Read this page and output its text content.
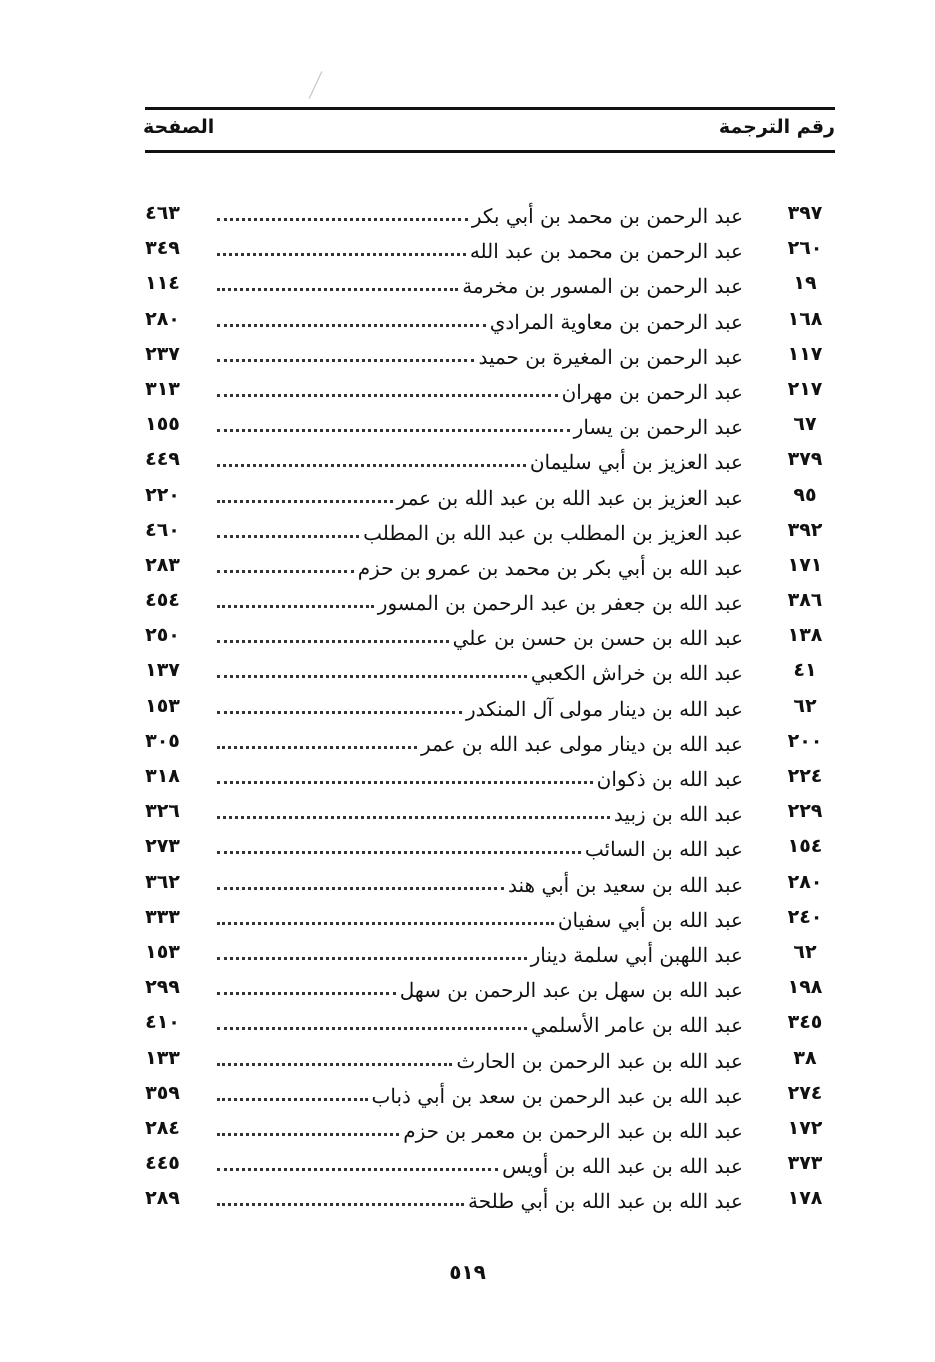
رقم الترجمة
الصفحة
٣٩٧
عبد الرحمن بن محمد بن أبي بكر
٤٦٣
٢٦٠
عبد الرحمن بن محمد بن عبد الله
٣٤٩
١٩
عبد الرحمن بن المسور بن مخرمة
١١٤
١٦٨
عبد الرحمن بن معاوية المرادي
٢٨٠
١١٧
عبد الرحمن بن المغيرة بن حميد
٢٣٧
٢١٧
عبد الرحمن بن مهران
٣١٣
٦٧
عبد الرحمن بن يسار
١٥٥
٣٧٩
عبد العزيز بن أبي سليمان
٤٤٩
٩٥
عبد العزيز بن عبد الله بن عبد الله بن عمر
٢٢٠
٣٩٢
عبد العزيز بن المطلب بن عبد الله بن المطلب
٤٦٠
١٧١
عبد الله بن أبي بكر بن محمد بن عمرو بن حزم
٢٨٣
٣٨٦
عبد الله بن جعفر بن عبد الرحمن بن المسور
٤٥٤
١٣٨
عبد الله بن حسن بن حسن بن علي
٢٥٠
٤١
عبد الله بن خراش الكعبي
١٣٧
٦٢
عبد الله بن دينار مولى آل المنكدر
١٥٣
٢٠٠
عبد الله بن دينار مولى عبد الله بن عمر
٣٠٥
٢٢٤
عبد الله بن ذكوان
٣١٨
٢٢٩
عبد الله بن زبيد
٣٢٦
١٥٤
عبد الله بن السائب
٢٧٣
٢٨٠
عبد الله بن سعيد بن أبي هند
٣٦٢
٢٤٠
عبد الله بن أبي سفيان
٣٣٣
٦٢
عبد اللهبن أبي سلمة دينار
١٥٣
١٩٨
عبد الله بن سهل بن عبد الرحمن بن سهل
٢٩٩
٣٤٥
عبد الله بن عامر الأسلمي
٤١٠
٣٨
عبد الله بن عبد الرحمن بن الحارث
١٣٣
٢٧٤
عبد الله بن عبد الرحمن بن سعد بن أبي ذباب
٣٥٩
١٧٢
عبد الله بن عبد الرحمن بن معمر بن حزم
٢٨٤
٣٧٣
عبد الله بن عبد الله بن أويس
٤٤٥
١٧٨
عبد الله بن عبد الله بن أبي طلحة
٢٨٩
٥١٩
